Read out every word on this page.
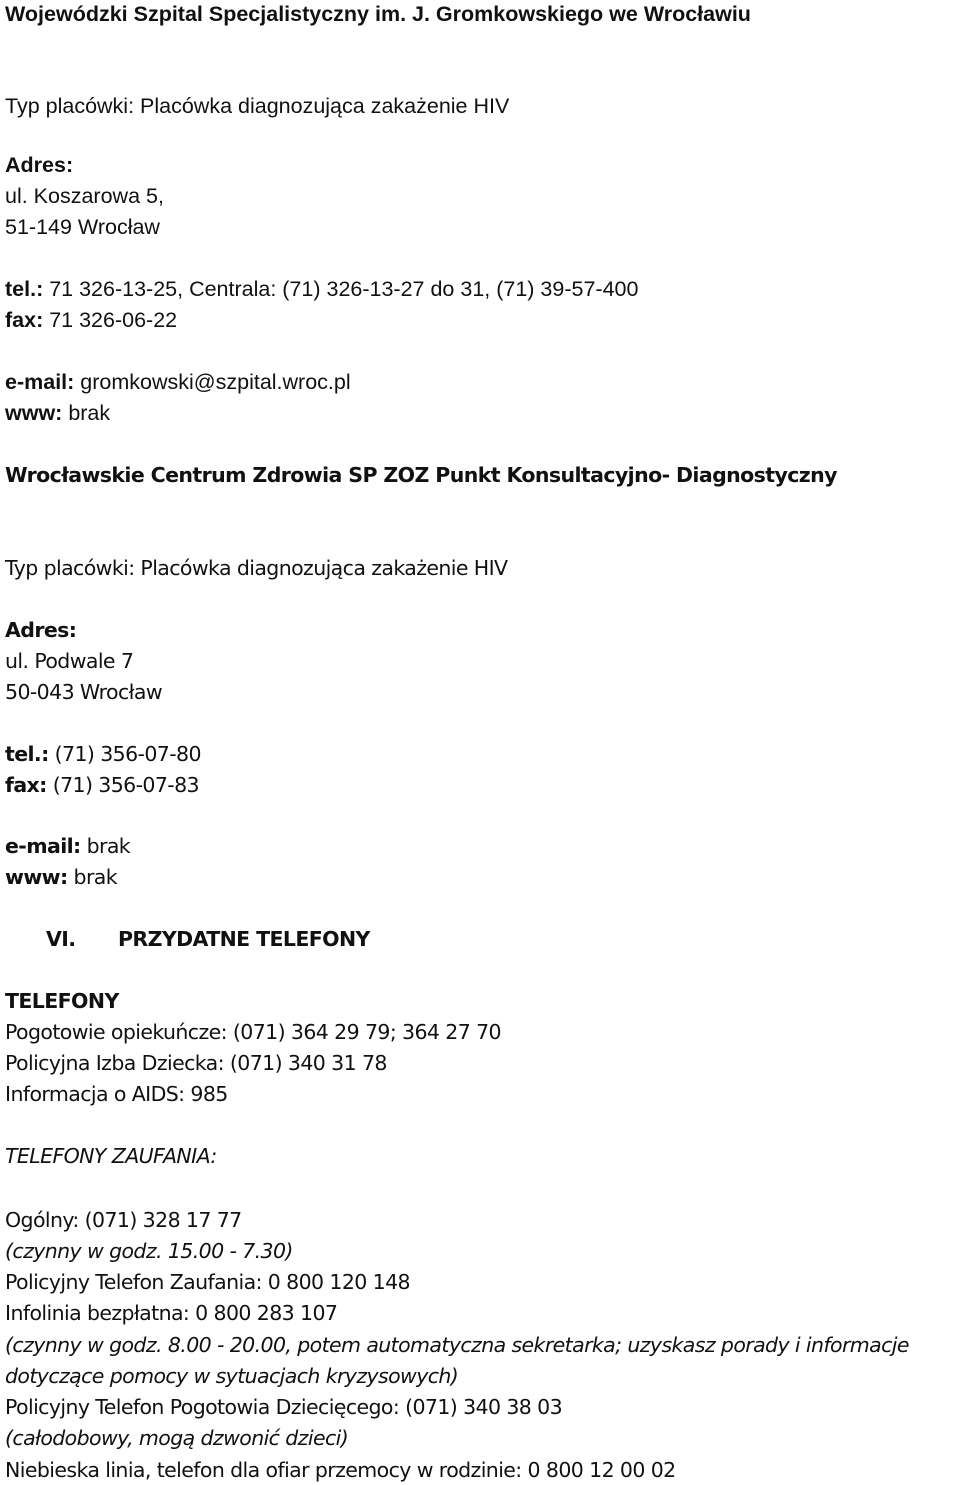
Wojewódzki Szpital Specjalistyczny im. J. Gromkowskiego we Wrocławiu
Typ placówki: Placówka diagnozująca zakażenie HIV
Adres:
ul. Koszarowa 5,
51-149 Wrocław
tel.: 71 326-13-25, Centrala: (71) 326-13-27 do 31, (71) 39-57-400
fax: 71 326-06-22
e-mail: gromkowski@szpital.wroc.pl
www: brak
Wrocławskie Centrum Zdrowia SP ZOZ Punkt Konsultacyjno- Diagnostyczny
Typ placówki: Placówka diagnozująca zakażenie HIV
Adres:
ul. Podwale 7
50-043 Wrocław
tel.: (71) 356-07-80
fax: (71) 356-07-83
e-mail: brak
www: brak
VI. PRZYDATNE TELEFONY
TELEFONY
Pogotowie opiekuńcze: (071) 364 29 79; 364 27 70
Policyjna Izba Dziecka: (071) 340 31 78
Informacja o AIDS: 985
TELEFONY ZAUFANIA:
Ogólny: (071) 328 17 77
(czynny w godz. 15.00 - 7.30)
Policyjny Telefon Zaufania: 0 800 120 148
Infolinia bezpłatna: 0 800 283 107
(czynny w godz. 8.00 - 20.00, potem automatyczna sekretarka; uzyskasz porady i informacje
dotyczące pomocy w sytuacjach kryzysowych)
Policyjny Telefon Pogotowia Dziecięcego: (071) 340 38 03
(całodobowy, mogą dzwonić dzieci)
Niebieska linia, telefon dla ofiar przemocy w rodzinie: 0 800 12 00 02
